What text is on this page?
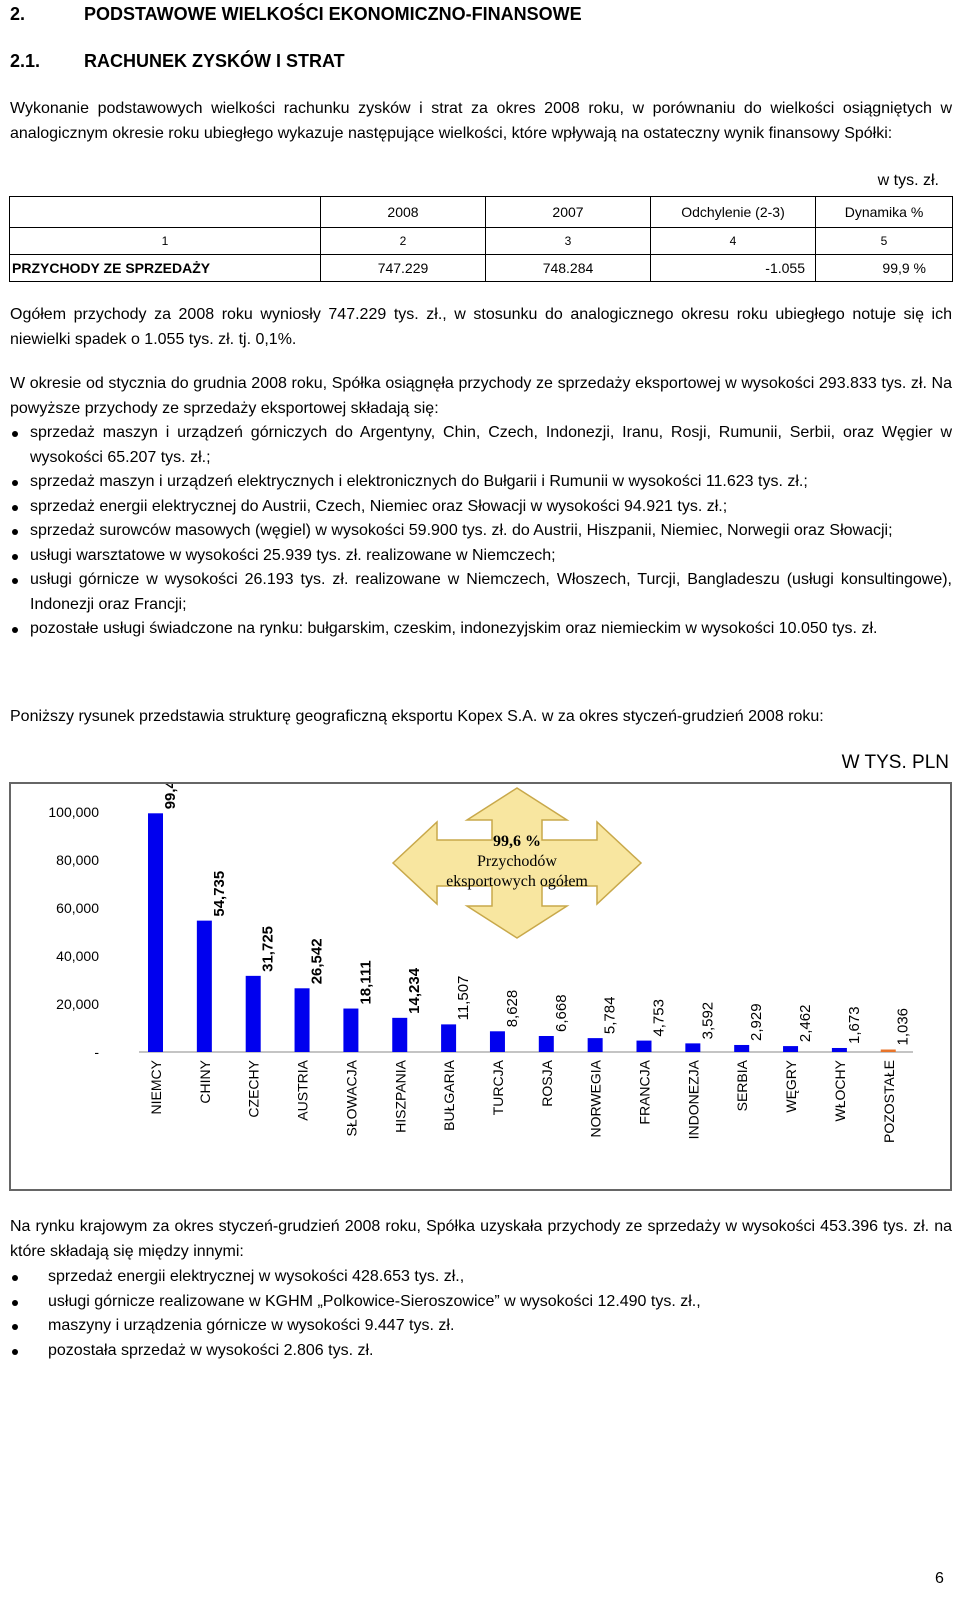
2.	PODSTAWOWE WIELKOŚCI EKONOMICZNO-FINANSOWE
2.1. RACHUNEK ZYSKÓW I STRAT
Wykonanie podstawowych wielkości rachunku zysków i strat za okres 2008 roku, w porównaniu do wielkości osiągniętych w analogicznym okresie roku ubiegłego wykazuje następujące wielkości, które wpływają na ostateczny wynik finansowy Spółki:
w tys. zł.
	2008	2007	Odchylenie (2-3)	Dynamika %
1	2	3	4	5
PRZYCHODY ZE SPRZEDAŻY	747.229	748.284	-1.055	99,9 %
Ogółem przychody za 2008 roku wyniosły 747.229 tys. zł., w stosunku do analogicznego okresu roku ubiegłego notuje się ich niewielki spadek o 1.055 tys. zł. tj. 0,1%.
W okresie od stycznia do grudnia 2008 roku, Spółka osiągnęła przychody ze sprzedaży eksportowej w wysokości 293.833 tys. zł. Na powyższe przychody ze sprzedaży eksportowej składają się:
sprzedaż maszyn i urządzeń górniczych do Argentyny, Chin, Czech, Indonezji, Iranu, Rosji, Rumunii, Serbii, oraz Węgier w wysokości 65.207 tys. zł.;
sprzedaż maszyn i urządzeń elektrycznych i elektronicznych do Bułgarii i Rumunii w wysokości 11.623 tys. zł.;
sprzedaż energii elektrycznej do Austrii, Czech, Niemiec oraz Słowacji w wysokości 94.921 tys. zł.;
sprzedaż surowców masowych (węgiel) w wysokości 59.900 tys. zł. do Austrii, Hiszpanii, Niemiec, Norwegii oraz Słowacji;
usługi warsztatowe w wysokości 25.939 tys. zł. realizowane w Niemczech;
usługi górnicze w wysokości 26.193 tys. zł. realizowane w Niemczech, Włoszech, Turcji, Bangladeszu (usługi konsultingowe), Indonezji oraz Francji;
pozostałe usługi świadczone na rynku: bułgarskim, czeskim, indonezyjskim oraz niemieckim w wysokości 10.050 tys. zł.
Poniższy rysunek przedstawia strukturę geograficzną eksportu Kopex S.A. w za okres styczeń-grudzień 2008 roku:
W TYS. PLN
99,6 %
Przychodów
eksportowych ogółem
-
20,000
40,000
60,000
80,000
100,000
99,455
NIEMCY
54,735
CHINY
31,725
CZECHY
26,542
AUSTRIA
18,111
SŁOWACJA
14,234
HISZPANIA
11,507
BUŁGARIA
8,628
TURCJA
6,668
ROSJA
5,784
NORWEGIA
4,753
FRANCJA
3,592
INDONEZJA
2,929
SERBIA
2,462
WĘGRY
1,673
WŁOCHY
1,036
POZOSTAŁE
Na rynku krajowym za okres styczeń-grudzień 2008 roku, Spółka uzyskała przychody ze sprzedaży w wysokości 453.396 tys. zł. na które składają się między innymi:
sprzedaż energii elektrycznej w wysokości 428.653 tys. zł.,
usługi górnicze realizowane w KGHM „Polkowice-Sieroszowice” w wysokości 12.490 tys. zł.,
maszyny i urządzenia górnicze w wysokości 9.447 tys. zł.
pozostała sprzedaż w wysokości 2.806 tys. zł.
6
